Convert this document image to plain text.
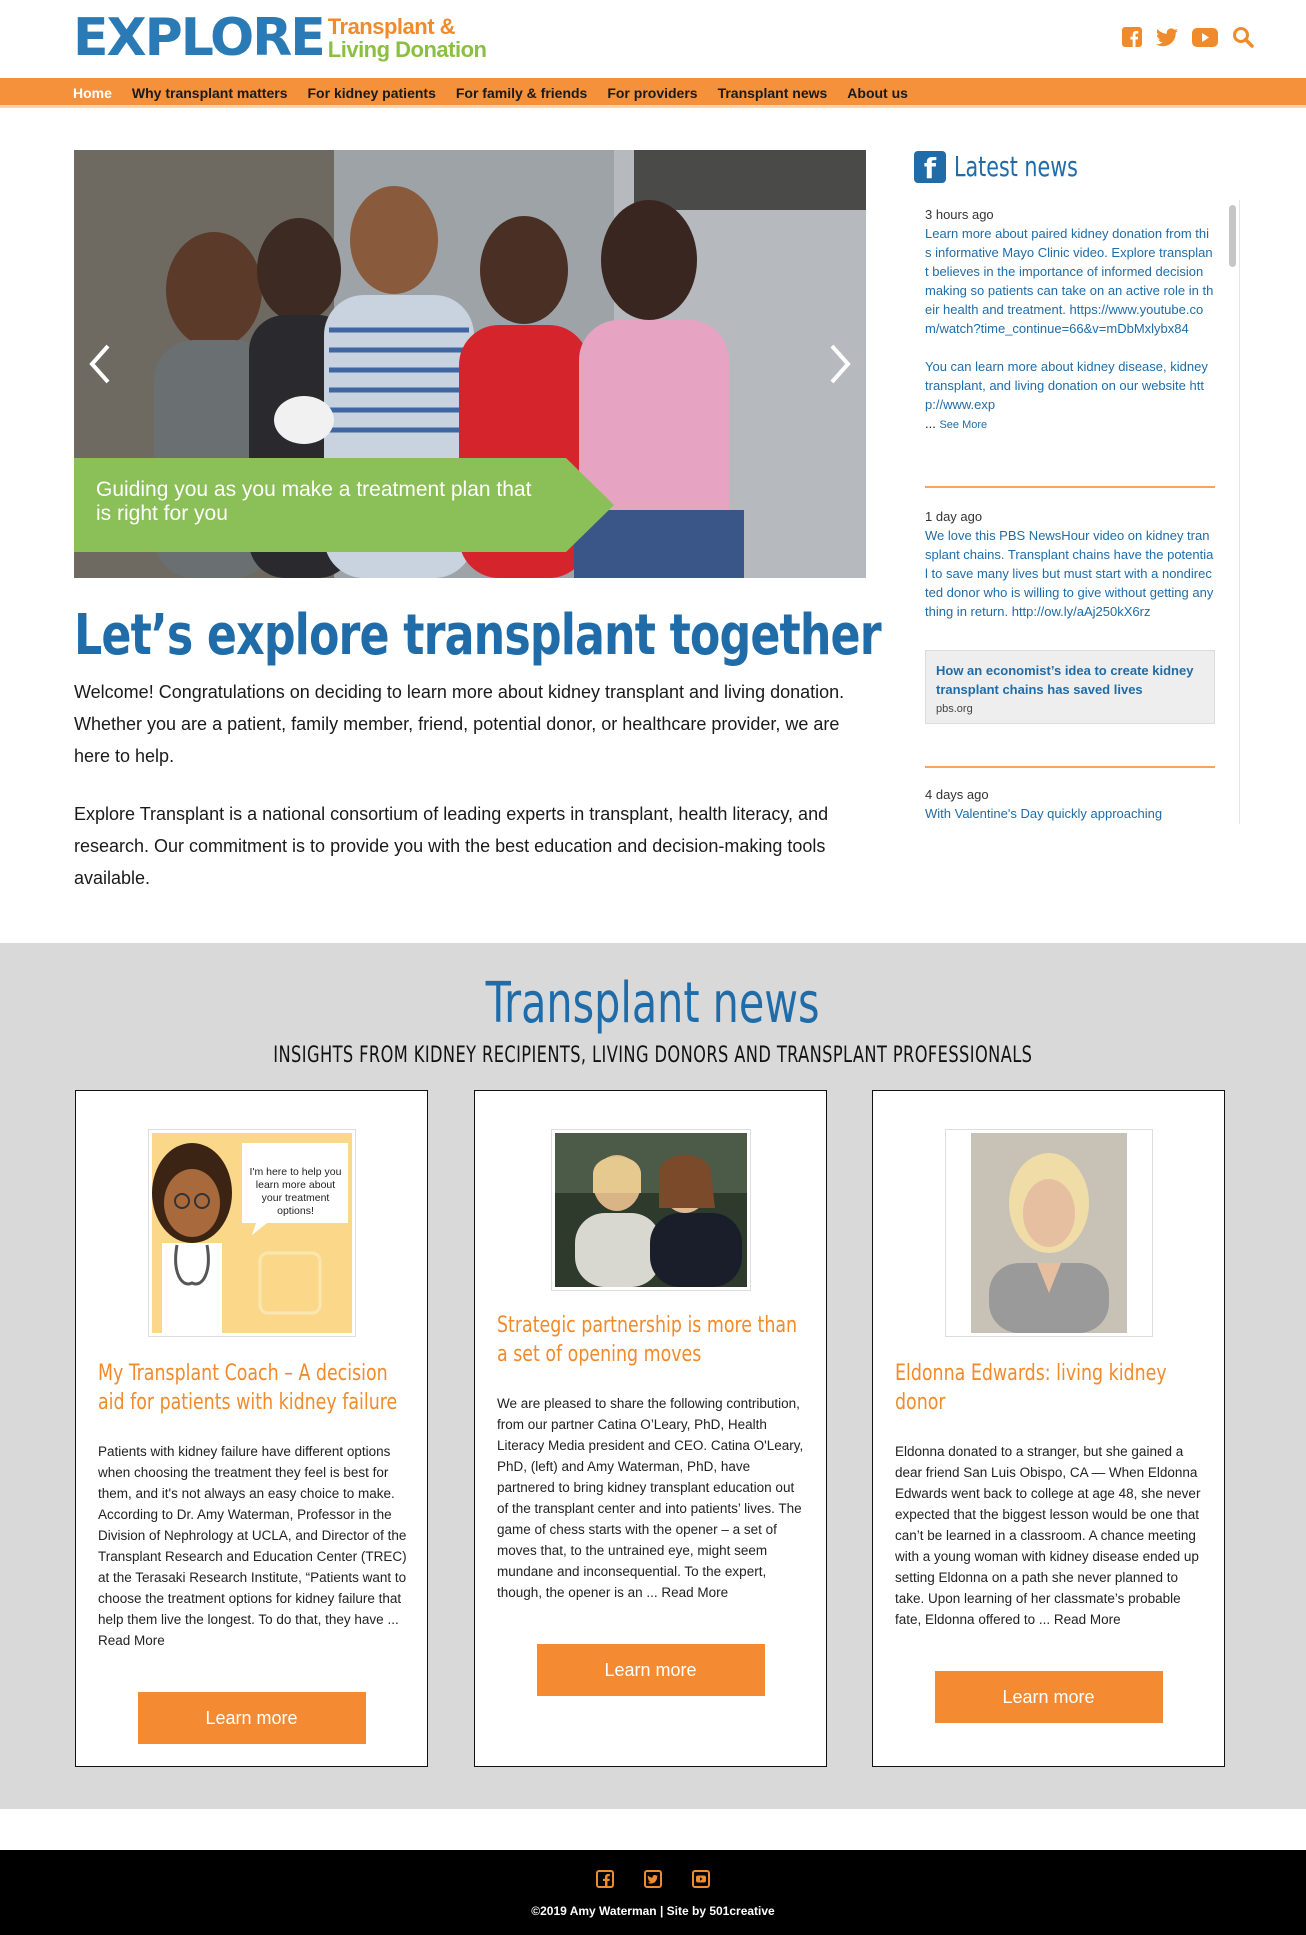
EXPLORE Transplant &
Living Donation
Home Why transplant matters For kidney patients For family & friends For providers Transplant news About us
Guiding you as you make a treatment plan that is right for you
Let’s explore transplant together

Welcome! Congratulations on deciding to learn more about kidney transplant and living donation. Whether you are a patient, family member, friend, potential donor, or healthcare provider, we are here to help.

Explore Transplant is a national consortium of leading experts in transplant, health literacy, and research. Our commitment is to provide you with the best education and decision-making tools available.

f Latest news
3 hours ago
Learn more about paired kidney donation from this informative Mayo Clinic video. Explore transplant believes in the importance of informed decision making so patients can take on an active role in their health and treatment. https://www.youtube.com/watch?time_continue=66&v=mDbMxlybx84
You can learn more about kidney disease, kidney transplant, and living donation on our website http://www.exp
... See More
1 day ago
We love this PBS NewsHour video on kidney transplant chains. Transplant chains have the potential to save many lives but must start with a nondirected donor who is willing to give without getting anything in return. http://ow.ly/aAj250kX6rz
How an economist’s idea to create kidney transplant chains has saved lives
pbs.org
4 days ago
With Valentine's Day quickly approaching
Transplant news
INSIGHTS FROM KIDNEY RECIPIENTS, LIVING DONORS AND TRANSPLANT PROFESSIONALS
I'm here to help you learn more about your treatment options!
My Transplant Coach – A decision aid for patients with kidney failure

Patients with kidney failure have different options when choosing the treatment they feel is best for them, and it's not always an easy choice to make. According to Dr. Amy Waterman, Professor in the Division of Nephrology at UCLA, and Director of the Transplant Research and Education Center (TREC) at the Terasaki Research Institute, “Patients want to choose the treatment options for kidney failure that help them live the longest. To do that, they have ... Read More

Learn more
Strategic partnership is more than a set of opening moves

We are pleased to share the following contribution, from our partner Catina O’Leary, PhD, Health Literacy Media president and CEO. Catina O'Leary, PhD, (left) and Amy Waterman, PhD, have partnered to bring kidney transplant education out of the transplant center and into patients’ lives. The game of chess starts with the opener – a set of moves that, to the untrained eye, might seem mundane and inconsequential. To the expert, though, the opener is an ... Read More

Learn more
Eldonna Edwards: living kidney donor

Eldonna donated to a stranger, but she gained a dear friend San Luis Obispo, CA — When Eldonna Edwards went back to college at age 48, she never expected that the biggest lesson would be one that can’t be learned in a classroom. A chance meeting with a young woman with kidney disease ended up setting Eldonna on a path she never planned to take. Upon learning of her classmate’s probable fate, Eldonna offered to ... Read More

Learn more
©2019 Amy Waterman | Site by 501creative
